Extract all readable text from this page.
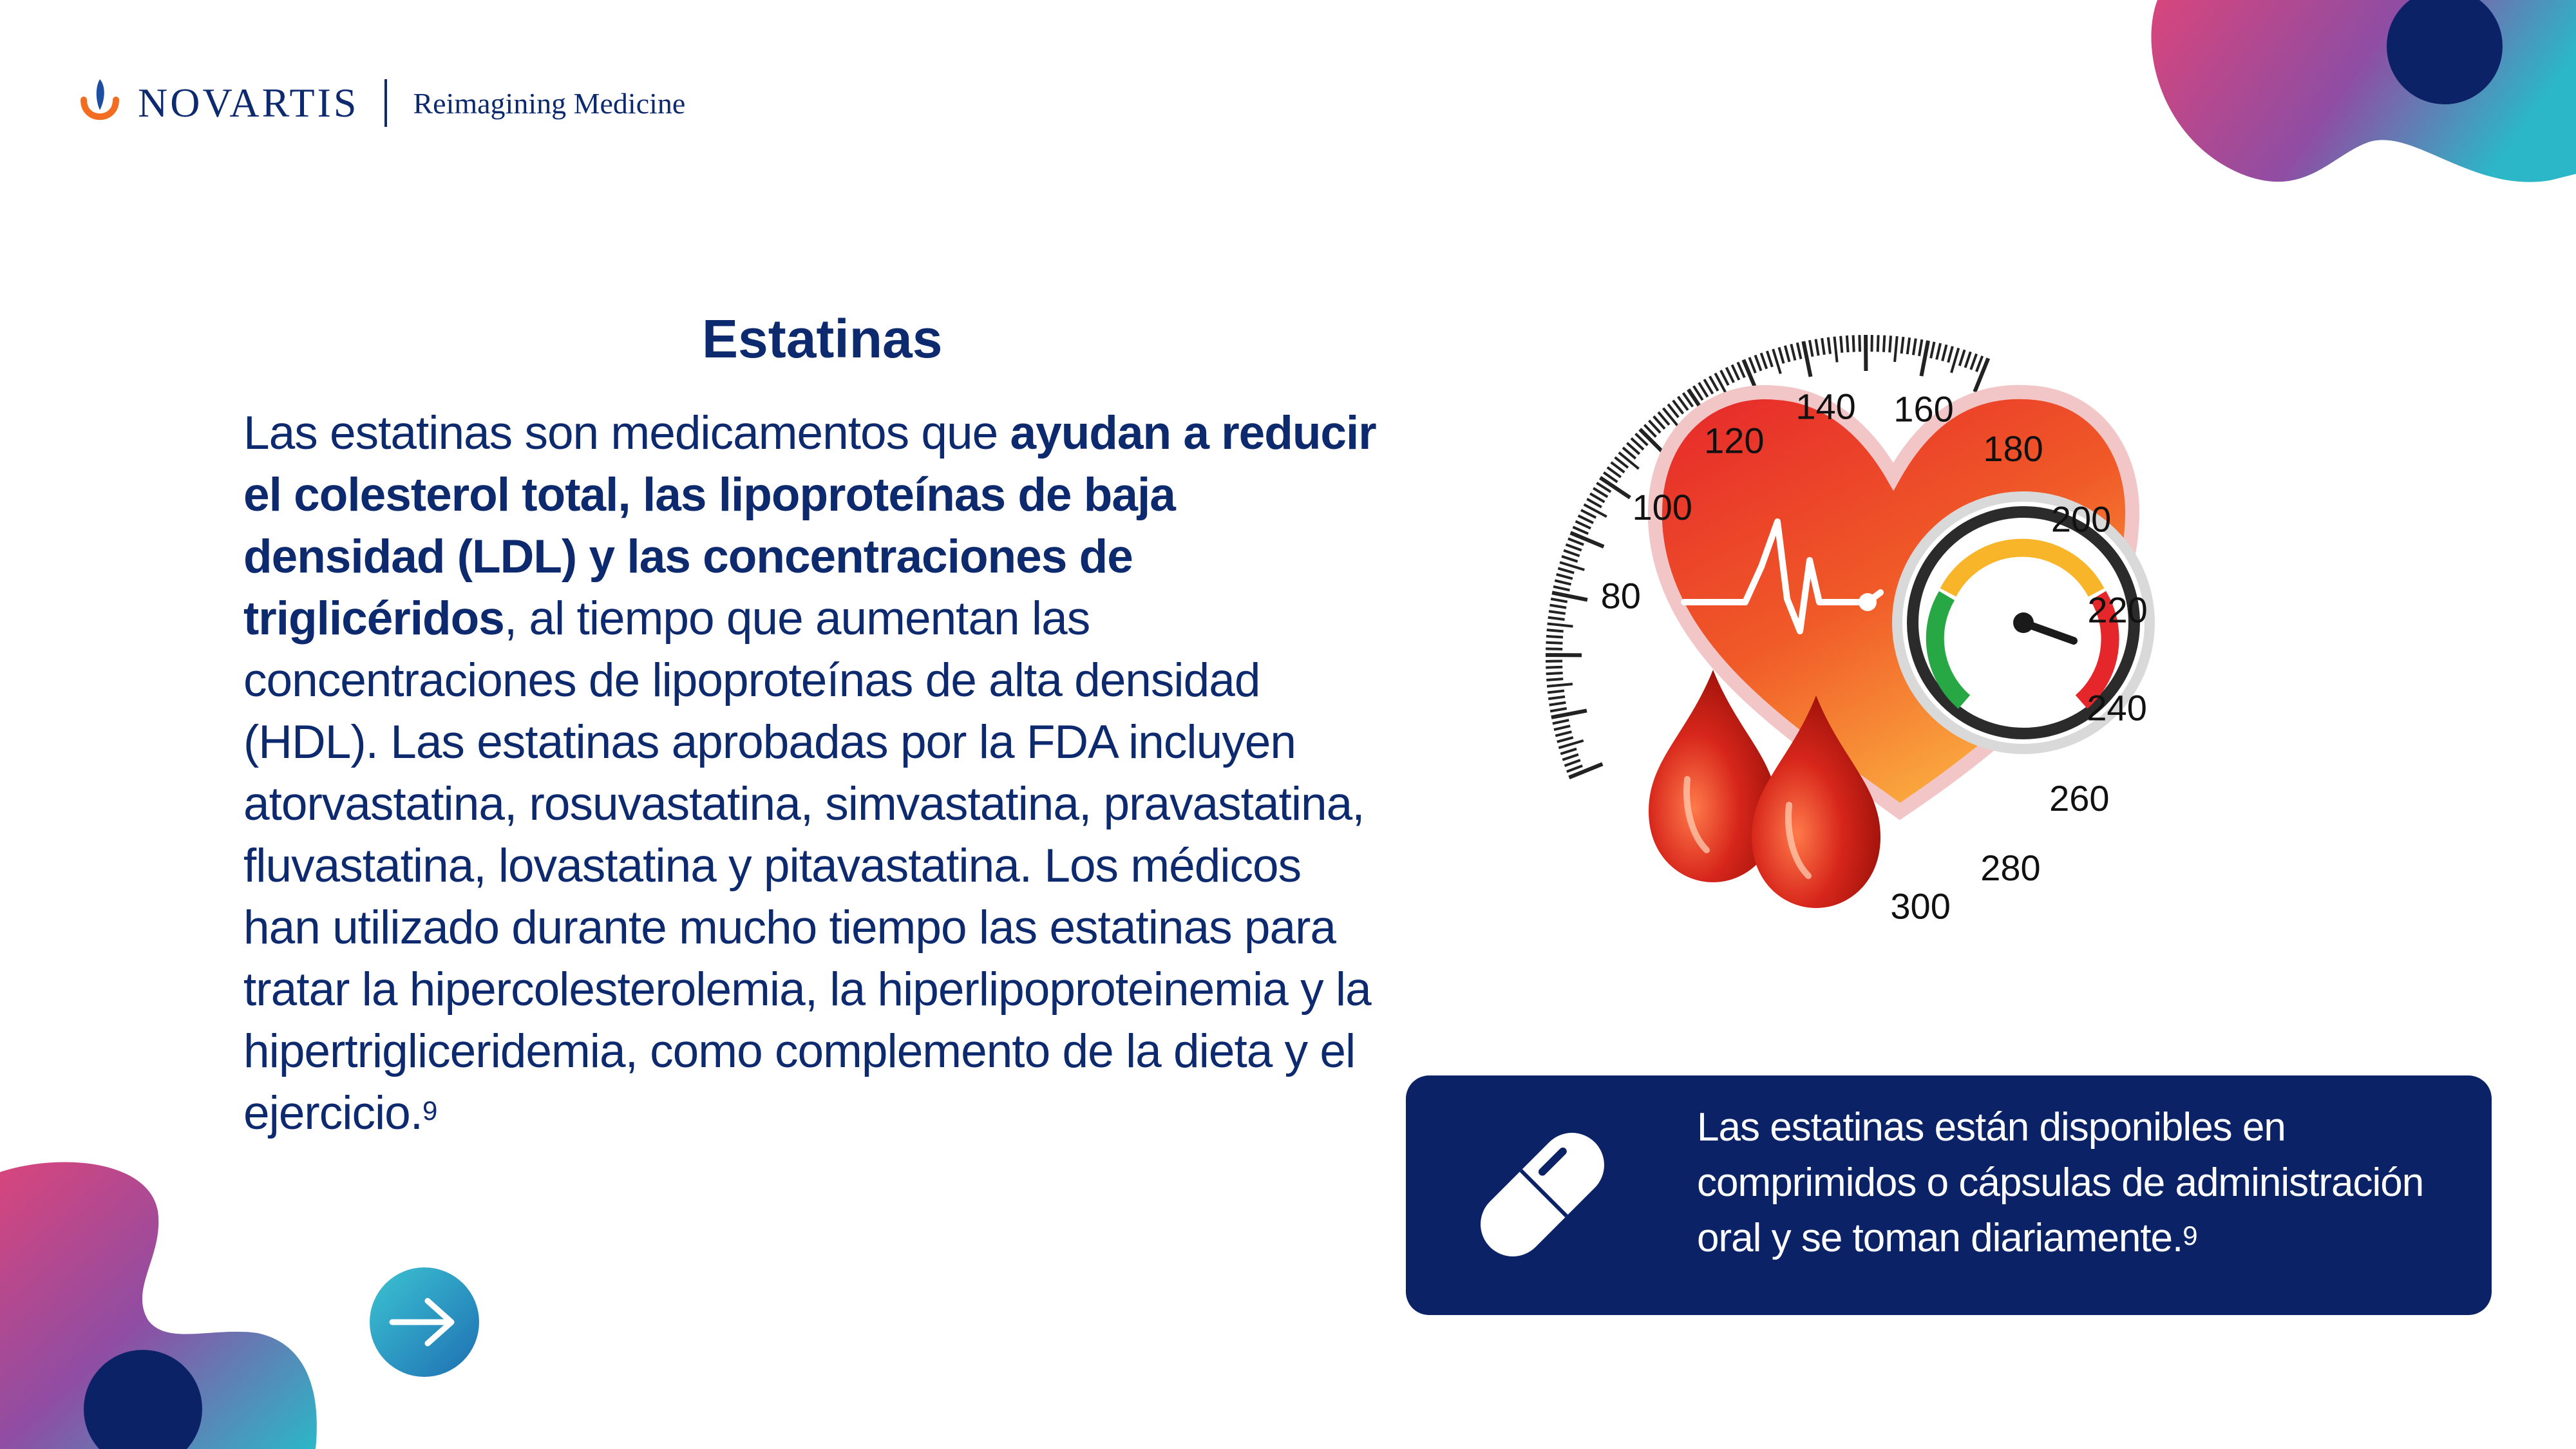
NOVARTIS Reimagining Medicine
Estatinas
Las estatinas son medicamentos que ayudan a reducir el colesterol total, las lipoproteínas de baja densidad (LDL) y las concentraciones de triglicéridos, al tiempo que aumentan las concentraciones de lipoproteínas de alta densidad (HDL). Las estatinas aprobadas por la FDA incluyen atorvastatina, rosuvastatina, simvastatina, pravastatina, fluvastatina, lovastatina y pitavastatina. Los médicos han utilizado durante mucho tiempo las estatinas para tratar la hipercolesterolemia, la hiperlipoproteinemia y la hipertrigliceridemia, como complemento de la dieta y el ejercicio.$^9$
80
100
120
140 160
180
200
220
240
260
280
300
Las estatinas están disponibles en comprimidos o cápsulas de administración oral y se toman diariamente.$^9$
